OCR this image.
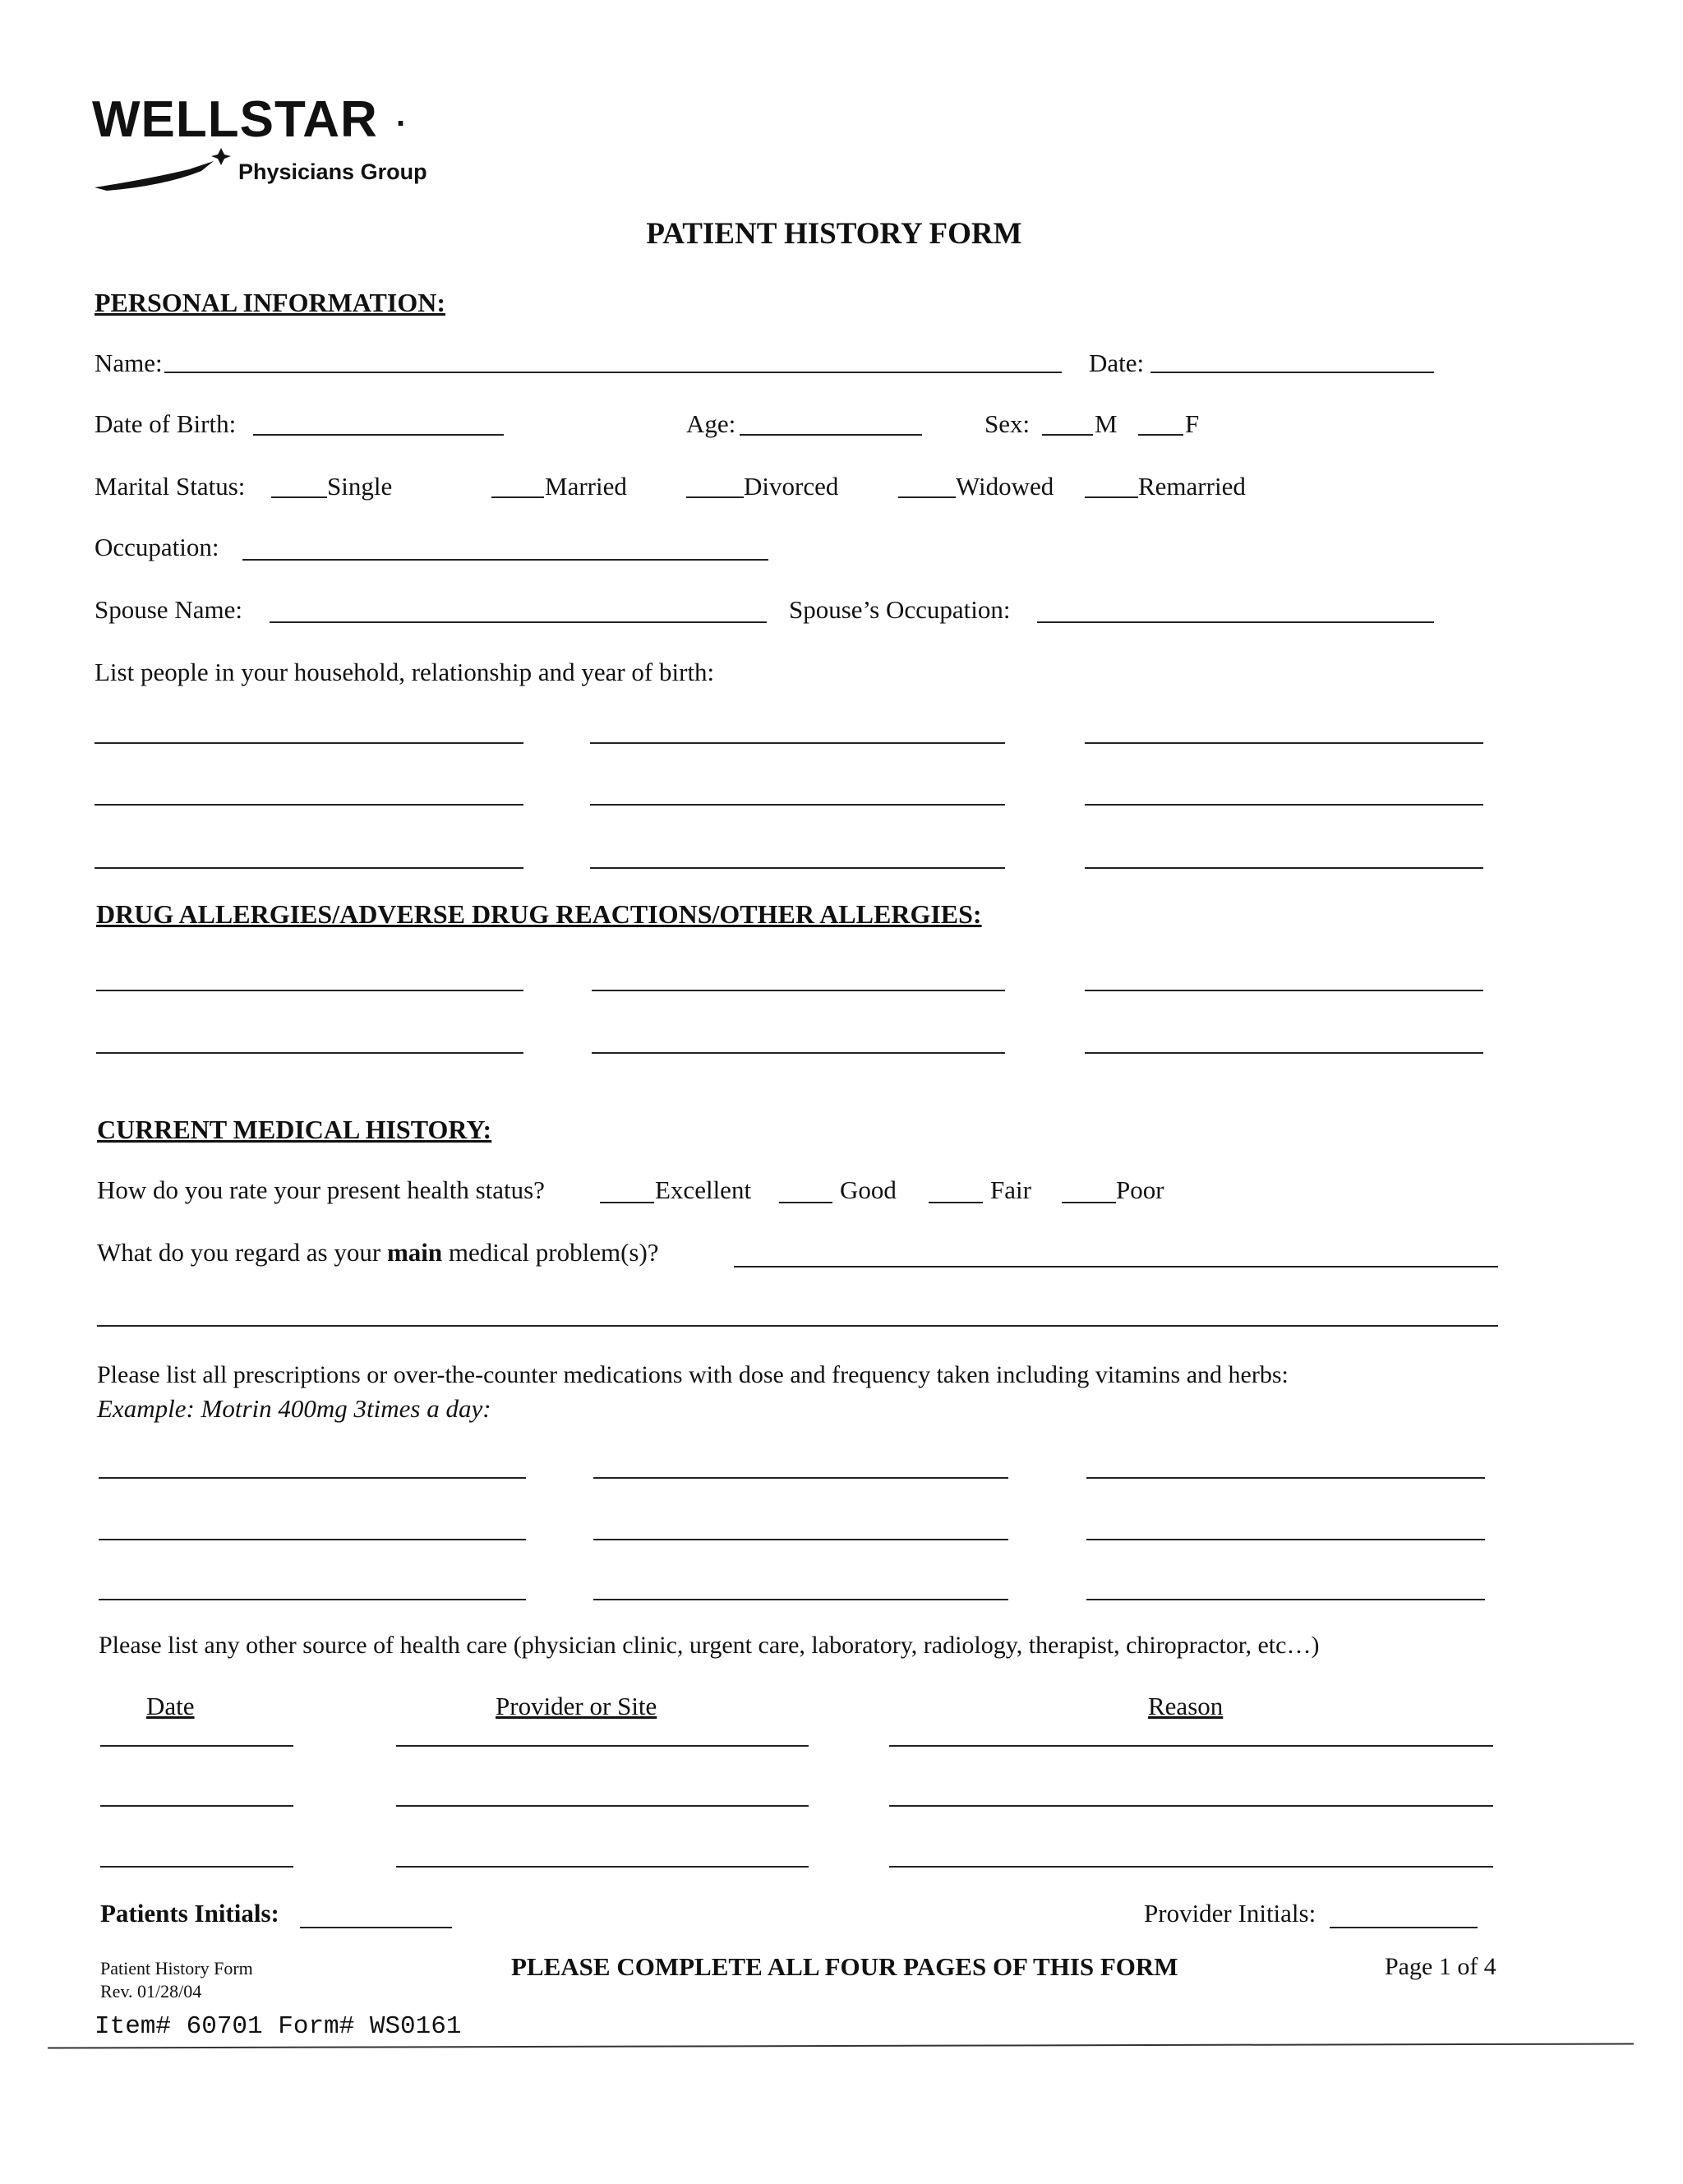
WELLSTAR .
Physicians Group
PATIENT HISTORY FORM
PERSONAL INFORMATION:
Name:	Date:
Date of Birth:	Age:	Sex:	M	F
Marital Status:	Single	Married	Divorced	Widowed	Remarried
Occupation:
Spouse Name:	Spouse’s Occupation:
List people in your household, relationship and year of birth:
DRUG ALLERGIES/ADVERSE DRUG REACTIONS/OTHER ALLERGIES:
CURRENT MEDICAL HISTORY:
How do you rate your present health status?	Excellent	Good	Fair	Poor
What do you regard as your main medical problem(s)?
Please list all prescriptions or over-the-counter medications with dose and frequency taken including vitamins and herbs:
Example: Motrin 400mg 3times a day:
Please list any other source of health care (physician clinic, urgent care, laboratory, radiology, therapist, chiropractor, etc…)
Date	Provider or Site	Reason
Patients Initials:	Provider Initials:
Patient History Form
Rev. 01/28/04
PLEASE COMPLETE ALL FOUR PAGES OF THIS FORM	Page 1 of 4
Item# 60701 Form# WS0161
